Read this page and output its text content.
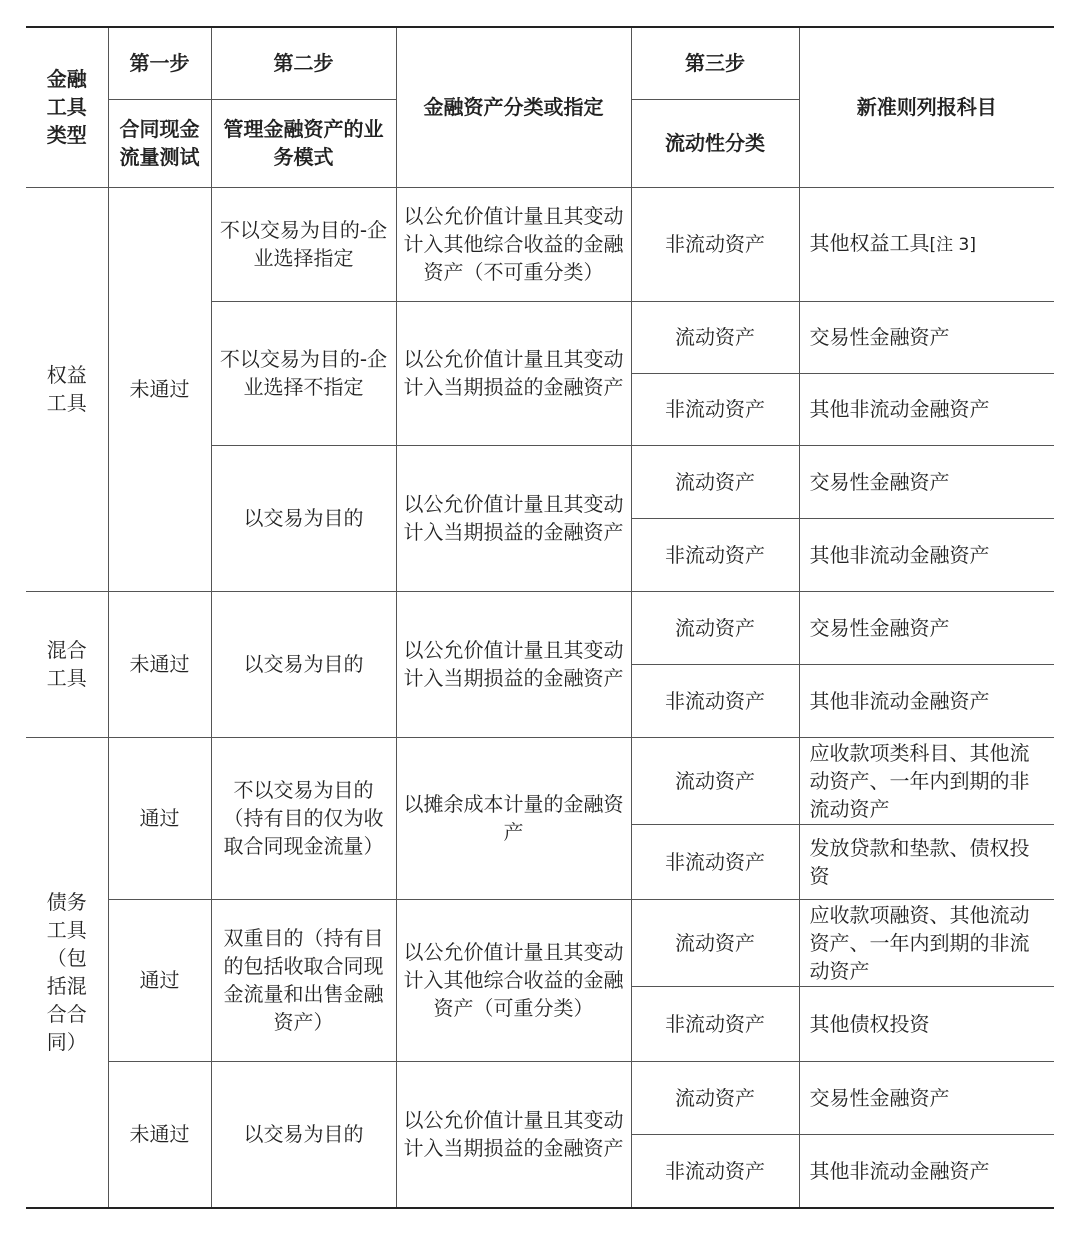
金融工具类型	第一步	第二步	金融资产分类或指定	第三步	新准则列报科目
	合同现金流量测试	管理金融资产的业务模式		流动性分类	
权益工具	未通过	不以交易为目的-企业选择指定	以公允价值计量且其变动计入其他综合收益的金融资产（不可重分类）	非流动资产	其他权益工具[注 3]
		不以交易为目的-企业选择不指定	以公允价值计量且其变动计入当期损益的金融资产	流动资产	交易性金融资产
				非流动资产	其他非流动金融资产
		以交易为目的	以公允价值计量且其变动计入当期损益的金融资产	流动资产	交易性金融资产
				非流动资产	其他非流动金融资产
混合工具	未通过	以交易为目的	以公允价值计量且其变动计入当期损益的金融资产	流动资产	交易性金融资产
				非流动资产	其他非流动金融资产
债务工具（包括混合合同）	通过	不以交易为目的（持有目的仅为收取合同现金流量）	以摊余成本计量的金融资产	流动资产	应收款项类科目、其他流动资产、一年内到期的非流动资产
				非流动资产	发放贷款和垫款、债权投资
	通过	双重目的（持有目的包括收取合同现金流量和出售金融资产）	以公允价值计量且其变动计入其他综合收益的金融资产（可重分类）	流动资产	应收款项融资、其他流动资产、一年内到期的非流动资产
				非流动资产	其他债权投资
	未通过	以交易为目的	以公允价值计量且其变动计入当期损益的金融资产	流动资产	交易性金融资产
				非流动资产	其他非流动金融资产
